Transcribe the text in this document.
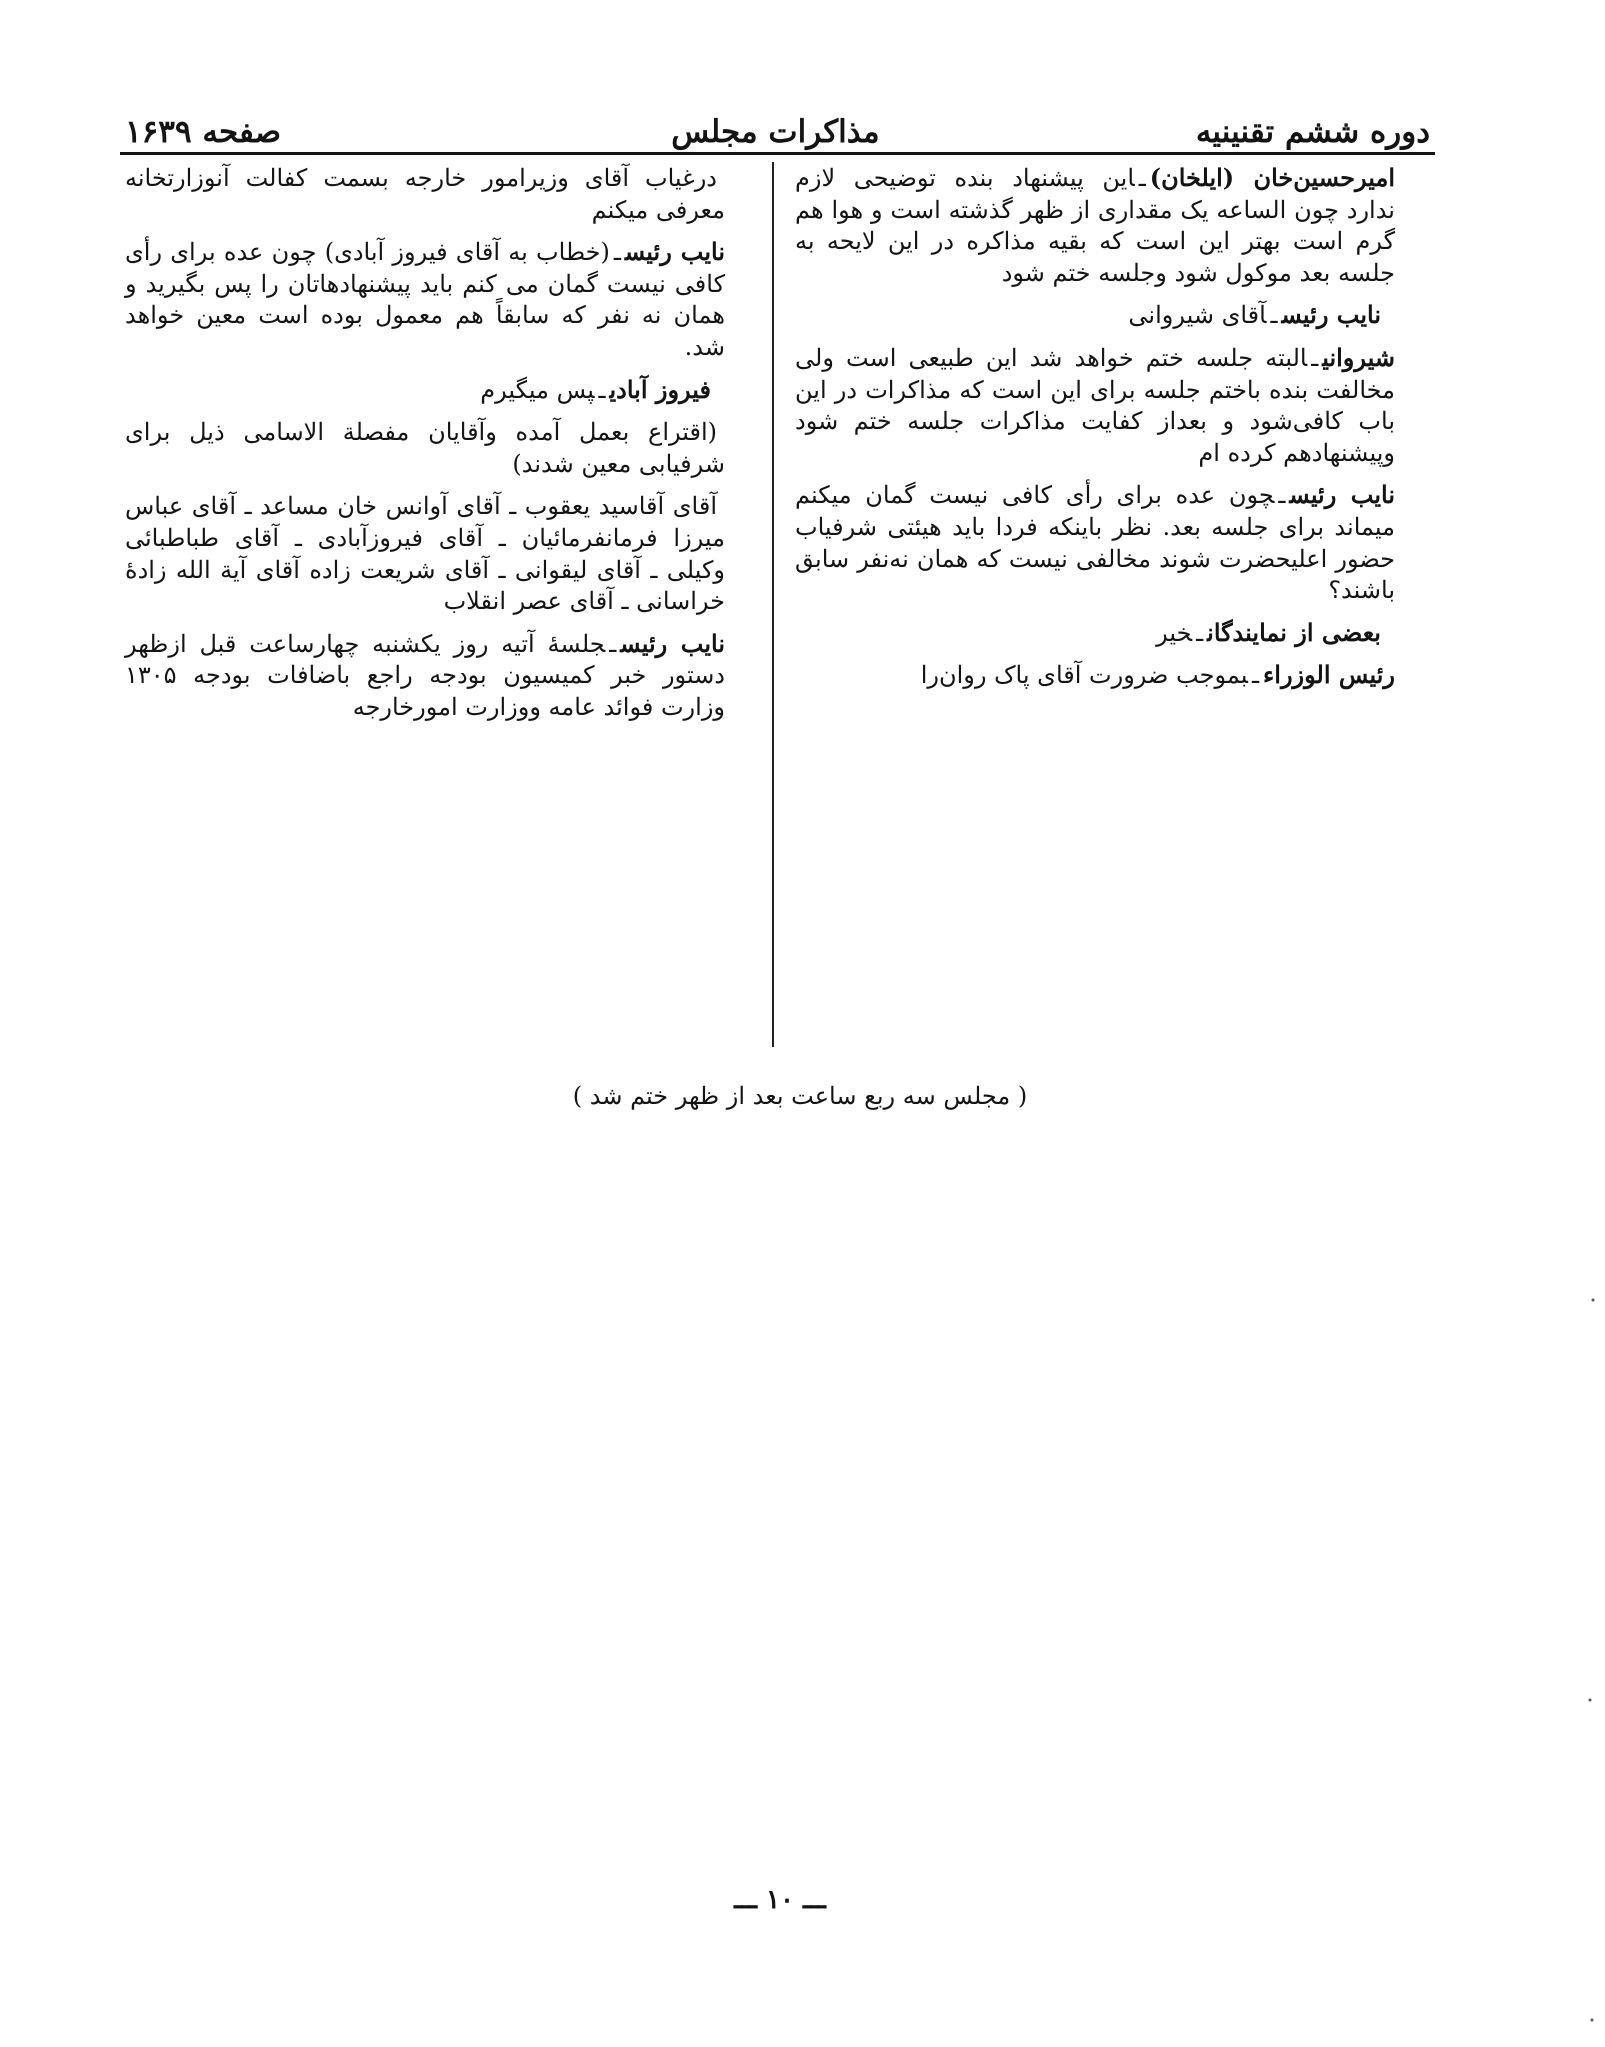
دوره ششم تقنینیه
مذاکرات مجلس
صفحه ۱۶۳۹

امیرحسین‌خان (ایلخان)ـاین پیشنهاد بنده توضیحی لازم ندارد چون الساعه یک مقداری از ظهر گذشته است و هوا هم گرم است بهتر این است که بقیه مذاکره در این لایحه به جلسه بعد موکول شود وجلسه ختم شود

نایب رئیسـآقای شیروانی

شیروانیـالبته جلسه ختم خواهد شد این طبیعی است ولی مخالفت بنده باختم جلسه برای این است که مذاکرات در این باب کافی‌شود و بعداز کفایت مذاکرات جلسه ختم شود وپیشنهادهم کرده ام

نایب رئیسـچون عده برای رأی کافی نیست گمان میکنم میماند برای جلسه بعد. نظر باینکه فردا باید هیئتی شرفیاب حضور اعلیحضرت شوند مخالفی نیست که همان نه‌نفر سابق باشند؟

بعضی از نمایندگانـخیر

رئیس الوزراءـبموجب ضرورت آقای پاک روان‌را

درغیاب آقای وزیرامور خارجه بسمت کفالت آنوزارتخانه معرفی میکنم

نایب رئیسـ(خطاب به آقای فیروز آبادی) چون عده برای رأی کافی نیست گمان می کنم باید پیشنهادهاتان را پس بگیرید و همان نه نفر که سابقاً هم معمول بوده است معین خواهد شد.

فیروز آبادیـپس میگیرم

(اقتراع بعمل آمده وآقایان مفصلة الاسامی ذیل برای شرفیابی معین شدند)

آقای آقاسید یعقوب ـ آقای آوانس خان مساعد ـ آقای عباس میرزا فرمانفرمائیان ـ آقای فیروزآبادی ـ آقای طباطبائی وکیلی ـ آقای لیقوانی ـ آقای شریعت زاده آقای آیة الله زادهٔ خراسانی ـ آقای عصر انقلاب

نایب رئیسـجلسهٔ آتیه روز یکشنبه چهارساعت قبل ازظهر دستور خبر کمیسیون بودجه راجع باضافات بودجه ۱۳۰۵ وزارت فوائد عامه ووزارت امورخارجه

( مجلس سه ربع ساعت بعد از ظهر ختم شد )
ـــ ۱۰ ـــ
